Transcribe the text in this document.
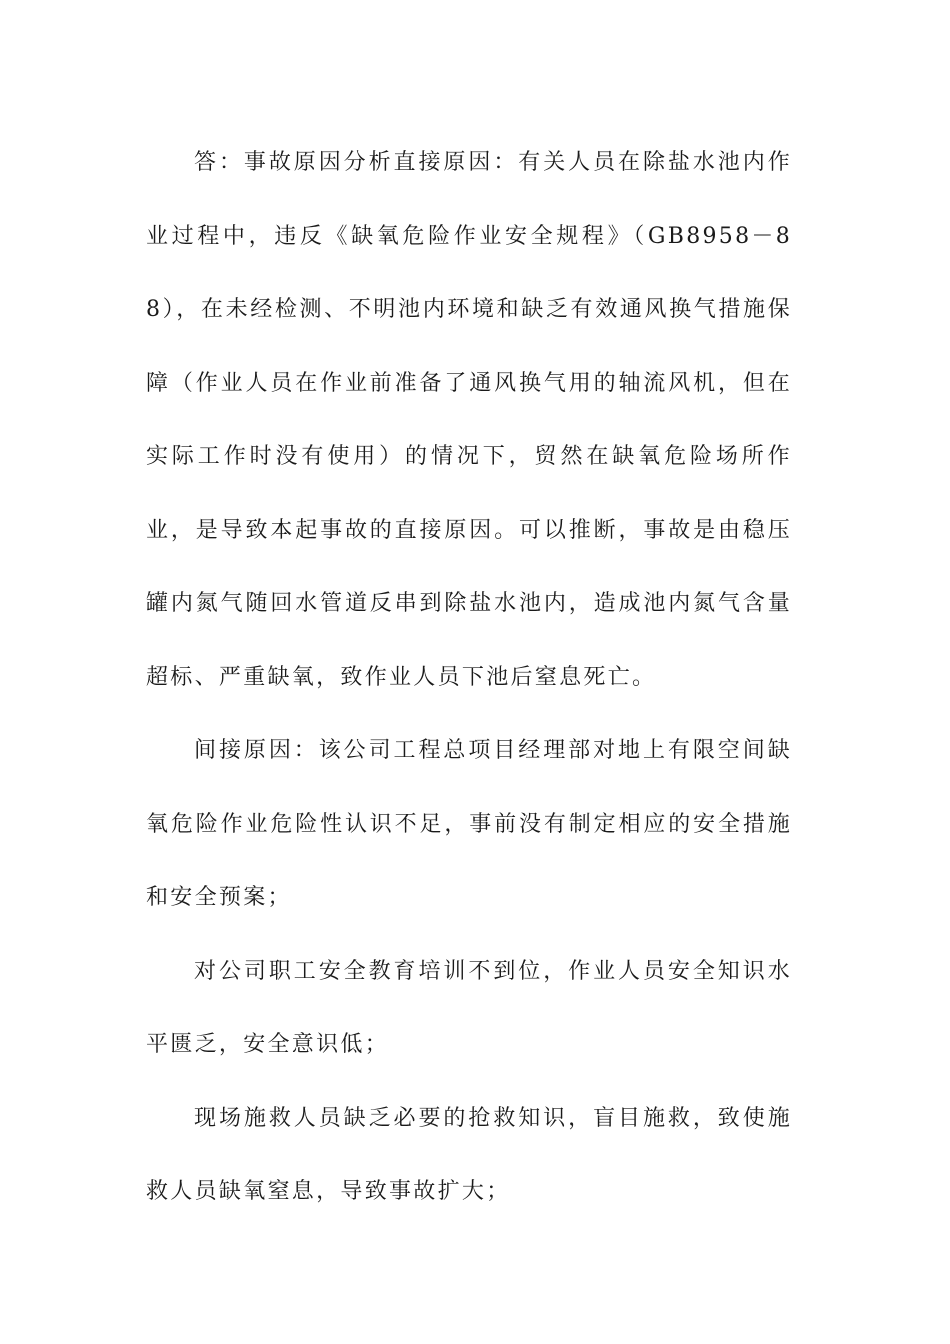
答：事故原因分析直接原因：有关人员在除盐水池内作业过程中，违反《缺氧危险作业安全规程》（GB8958－88），在未经检测、不明池内环境和缺乏有效通风换气措施保障（作业人员在作业前准备了通风换气用的轴流风机，但在实际工作时没有使用）的情况下，贸然在缺氧危险场所作业，是导致本起事故的直接原因。可以推断，事故是由稳压罐内氮气随回水管道反串到除盐水池内，造成池内氮气含量超标、严重缺氧，致作业人员下池后窒息死亡。

间接原因：该公司工程总项目经理部对地上有限空间缺氧危险作业危险性认识不足，事前没有制定相应的安全措施和安全预案；

对公司职工安全教育培训不到位，作业人员安全知识水平匮乏，安全意识低；

现场施救人员缺乏必要的抢救知识，盲目施救，致使施救人员缺氧窒息，导致事故扩大；
